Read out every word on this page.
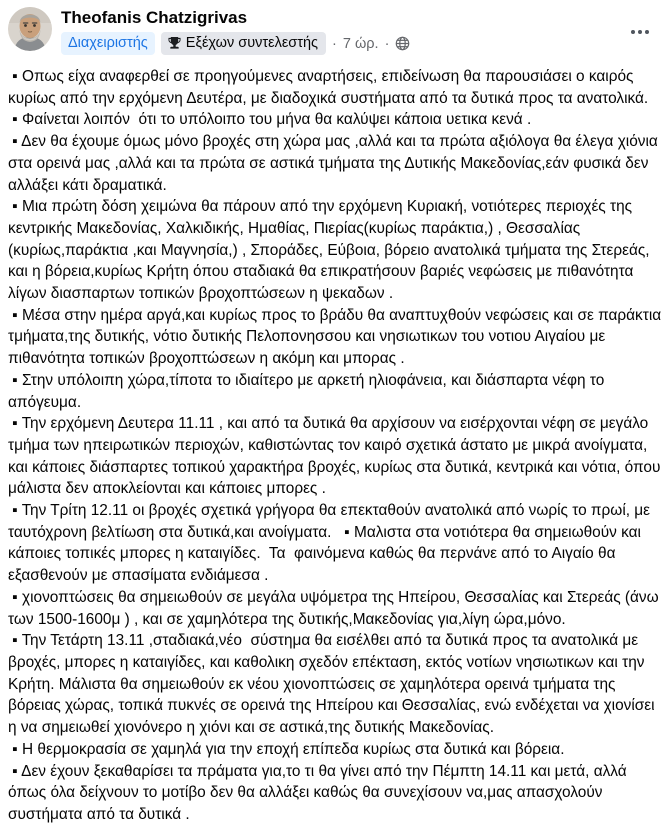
Theofanis Chatzigrivas
Διαχειριστής	Εξέχων συντελεστής · 7 ώρ. ·

▪ Οπως είχα αναφερθεί σε προηγούμενες αναρτήσεις, επιδείνωση θα παρουσιάσει ο καιρός κυρίως από την ερχόμενη Δευτέρα, με διαδοχικά συστήματα από τα δυτικά προς τα ανατολικά.

▪ Φαίνεται λοιπόν  ότι το υπόλοιπο του μήνα θα καλύψει κάποια υετικα κενά .

▪ Δεν θα έχουμε όμως μόνο βροχές στη χώρα μας ,αλλά και τα πρώτα αξιόλογα θα έλεγα χιόνια στα ορεινά μας ,αλλά και τα πρώτα σε αστικά τμήματα της Δυτικής Μακεδονίας,εάν φυσικά δεν αλλάξει κάτι δραματικά.

▪ Μια πρώτη δόση χειμώνα θα πάρουν από την ερχόμενη Κυριακή, νοτιότερες περιοχές της κεντρικής Μακεδονίας, Χαλκιδικής, Ημαθίας, Πιερίας(κυρίως παράκτια,) , Θεσσαλίας (κυρίως,παράκτια ,και Μαγνησία,) , Σποράδες, Εύβοια, βόρειο ανατολικά τμήματα της Στερεάς, και η βόρεια,κυρίως Κρήτη όπου σταδιακά θα επικρατήσουν βαριές νεφώσεις με πιθανότητα λίγων διασπαρτων τοπικών βροχοπτώσεων η ψεκαδων .

▪ Μέσα στην ημέρα αργά,και κυρίως προς το βράδυ θα αναπτυχθούν νεφώσεις και σε παράκτια τμήματα,της δυτικής, νότιο δυτικής Πελοπονησσου και νησιωτικων του νοτιου Αιγαίου με πιθανότητα τοπικών βροχοπτώσεων η ακόμη και μπορας .

▪ Στην υπόλοιπη χώρα,τίποτα το ιδιαίτερο με αρκετή ηλιοφάνεια, και διάσπαρτα νέφη το απόγευμα.

▪ Την ερχόμενη Δευτερα 11.11 , και από τα δυτικά θα αρχίσουν να εισέρχονται νέφη σε μεγάλο τμήμα των ηπειρωτικών περιοχών, καθιστώντας τον καιρό σχετικά άστατο με μικρά ανοίγματα, και κάποιες διάσπαρτες τοπικού χαρακτήρα βροχές, κυρίως στα δυτικά, κεντρικά και νότια, όπου μάλιστα δεν αποκλείονται και κάποιες μπορες .

▪ Την Τρίτη 12.11 οι βροχές σχετικά γρήγορα θα επεκταθούν ανατολικά από νωρίς το πρωί, με ταυτόχρονη βελτίωση στα δυτικά,και ανοίγματα.   ▪ Μαλιστα στα νοτιότερα θα σημειωθούν και κάποιες τοπικές μπορες η καταιγίδες.  Τα  φαινόμενα καθώς θα περνάνε από το Αιγαίο θα εξασθενούν με σπασίματα ενδιάμεσα .

▪ χιονοπτώσεις θα σημειωθούν σε μεγάλα υψόμετρα της Ηπείρου, Θεσσαλίας και Στερεάς (άνω των 1500-1600μ ) , και σε χαμηλότερα της δυτικής,Μακεδονίας για,λίγη ώρα,μόνο.

▪ Την Τετάρτη 13.11 ,σταδιακά,νέο  σύστημα θα εισέλθει από τα δυτικά προς τα ανατολικά με βροχές, μπορες η καταιγίδες, και καθολικη σχεδόν επέκταση, εκτός νοτίων νησιωτικων και την Κρήτη. Μάλιστα θα σημειωθούν εκ νέου χιονοπτώσεις σε χαμηλότερα ορεινά τμήματα της βόρειας χώρας, τοπικά πυκνές σε ορεινά της Ηπείρου και Θεσσαλίας, ενώ ενδέχεται να χιονίσει η να σημειωθεί χιονόνερο η χιόνι και σε αστικά,της δυτικής Μακεδονίας.

▪ Η θερμοκρασία σε χαμηλά για την εποχή επίπεδα κυρίως στα δυτικά και βόρεια.

▪ Δεν έχουν ξεκαθαρίσει τα πράματα για,το τι θα γίνει από την Πέμπτη 14.11 και μετά, αλλά όπως όλα δείχνουν το μοτίβο δεν θα αλλάξει καθώς θα συνεχίσουν να,μας απασχολούν συστήματα από τα δυτικά .
